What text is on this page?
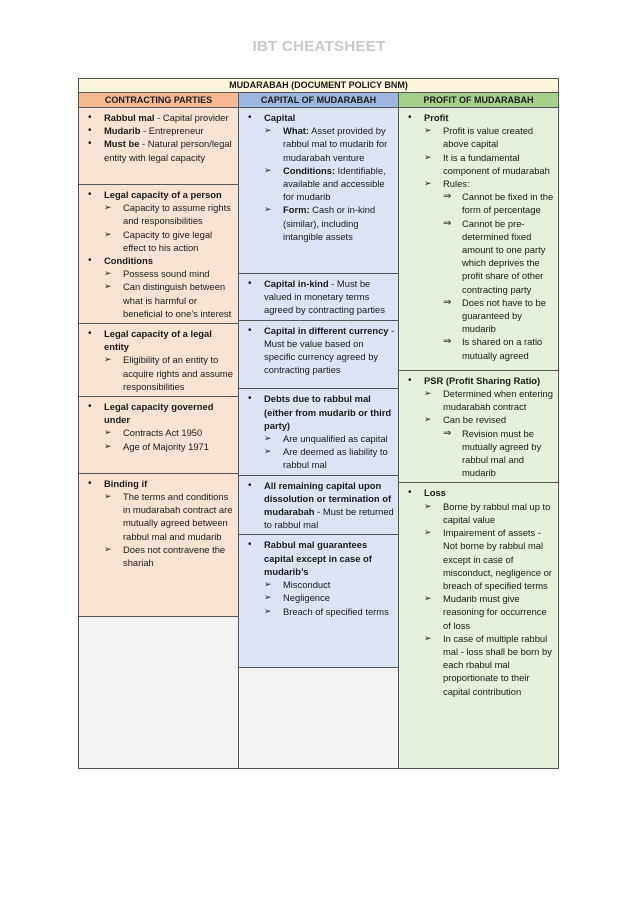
IBT CHEATSHEET
MUDARABAH (DOCUMENT POLICY BNM)
CONTRACTING PARTIES	CAPITAL OF MUDARABAH	PROFIT OF MUDARABAH
• Rabbul mal - Capital provider
• Mudarib - Entrepreneur
• Must be - Natural person/legal entity with legal capacity
• Legal capacity of a person
➢ Capacity to assume rights and responsibilities
➢ Capacity to give legal effect to his action
• Conditions
➢ Possess sound mind
➢ Can distinguish between what is harmful or beneficial to one’s interest
• Legal capacity of a legal entity
➢ Eligibility of an entity to acquire rights and assume responsibilities
• Legal capacity governed under
➢ Contracts Act 1950
➢ Age of Majority 1971
• Binding if
➢ The terms and conditions in mudarabah contract are mutually agreed between rabbul mal and mudarib
➢ Does not contravene the shariah
• Capital
➢ What: Asset provided by rabbul mal to mudarib for mudarabah venture
➢ Conditions: Identifiable, available and accessible for mudarib
➢ Form: Cash or in-kind (similar), including intangible assets
• Capital in-kind - Must be valued in monetary terms agreed by contracting parties
• Capital in different currency - Must be value based on specific currency agreed by contracting parties
• Debts due to rabbul mal (either from mudarib or third party)
➢ Are unqualified as capital
➢ Are deemed as liability to rabbul mal
• All remaining capital upon dissolution or termination of mudarabah - Must be returned to rabbul mal
• Rabbul mal guarantees capital except in case of mudarib’s
➢ Misconduct
➢ Negligence
➢ Breach of specified terms
• Profit
➢ Profit is value created above capital
➢ It is a fundamental component of mudarabah
➢ Rules:
⇒ Cannot be fixed in the form of percentage
⇒ Cannot be pre-determined fixed amount to one party which deprives the profit share of other contracting party
⇒ Does not have to be guaranteed by mudarib
⇒ Is shared on a ratio mutually agreed
• PSR (Profit Sharing Ratio)
➢ Determined when entering mudarabah contract
➢ Can be revised
⇒ Revision must be mutually agreed by rabbul mal and mudarib
• Loss
➢ Borne by rabbul mal up to capital value
➢ Impairement of assets - Not borne by rabbul mal except in case of misconduct, negligence or breach of specified terms
➢ Mudarib must give reasoning for occurrence of loss
➢ In case of multiple rabbul mal - loss shall be born by each rbabul mal proportionate to their capital contribution
